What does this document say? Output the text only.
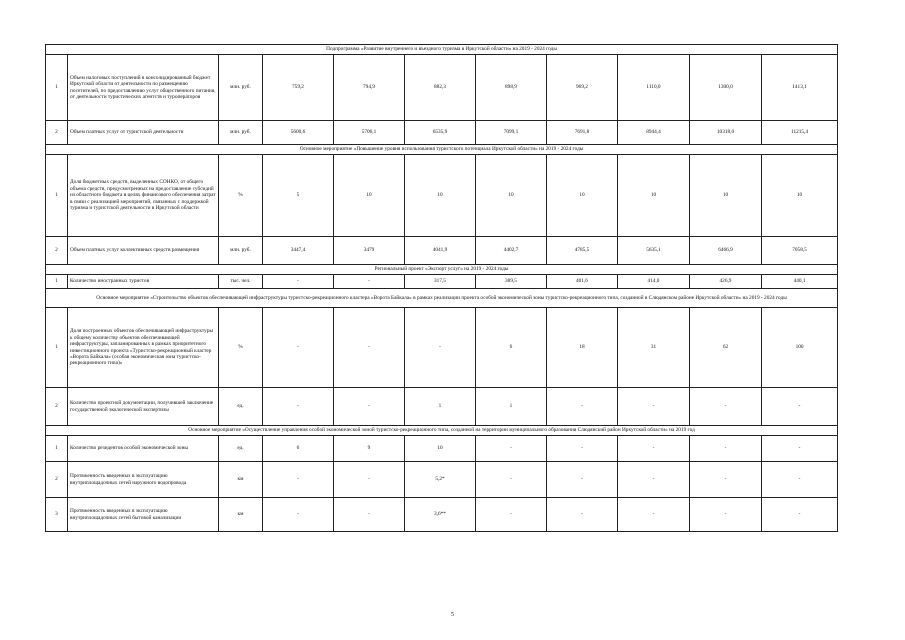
Подпрограмма «Развитие внутреннего и въездного туризма в Иркутской области» на 2019 - 2024 годы										
1	Объем налоговых поступлений в консолидированный бюджет Иркутской области от деятельности по размещению посетителей, по предоставлению услуг общественного питания, от деятельности туристических агентств и туроператоров	млн. руб.	759,2	794,9	882,3	898,9	969,2	1110,0	1300,0	1413,1
2	Объем платных услуг от туристской деятельности	млн. руб.	5600,6	5706,1	6535,9	7099,1	7691,8	8944,4	10318,0	11215,4
Основное мероприятие «Повышение уровня использования туристского потенциала Иркутской области» на 2019 - 2024 годы										
1	Доля бюджетных средств, выделенных СОНКО, от общего объема средств, предусмотренных на предоставление субсидий из областного бюджета в целях финансового обеспечения затрат в связи с реализацией мероприятий, связанных с поддержкой туризма и туристской деятельности в Иркутской области	%	5	10	10	10	10	10	10	10
2	Объем платных услуг коллективных средств размещения	млн. руб.	3447,4	3479	4041,9	4402,7	4785,5	5635,1	6466,9	7058,5
Региональный проект «Экспорт услуг» на 2019 - 2024 годы										
1	Количество иностранных туристов	тыс. чел.	-	-	317,5	389,5	401,6	414,0	426,9	440,1
Основное мероприятие «Строительство объектов обеспечивающей инфраструктуры туристско-рекреационного кластера «Ворота Байкала» в рамках реализации проекта особой экономической зоны туристско-рекреационного типа, созданной в Слюдянском районе Иркутской области» на 2019 - 2024 годы										
1	Доля построенных объектов обеспечивающей инфраструктуры к общему количеству объектов обеспечивающей инфраструктуры, запланированных в рамках приоритетного инвестиционного проекта «Туристско-рекреационный кластер «Ворота Байкала» (особая экономическая зона туристско-рекреационного типа)»	%	-	-	-	6	18	31	62	100
2	Количество проектной документации, получившей заключение государственной экологической экспертизы	ед.	-	-	1	1	-	-	-	-
Основное мероприятие «Осуществление управления особой экономической зоной туристско-рекреационного типа, созданной на территории муниципального образования Слюдянский район Иркутской области» на 2019 год										
1	Количество резидентов особой экономической зоны	ед.	6	9	10	-	-	-	-	-
2	Протяженность введенных в эксплуатацию внутриплощадочных сетей наружного водопровода	км	-	-	5,2*	-	-	-	-	-
3	Протяженность введенных в эксплуатацию внутриплощадочных сетей бытовой канализации	км	-	-	3,6**	-	-	-	-	-
5
